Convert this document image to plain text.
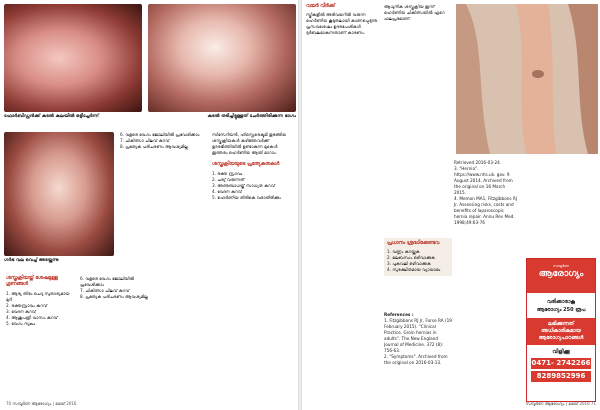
ഫോർബിഡ്ഡൻക്ക് കുടൽ കലയിൽ ഒട്ടിച്ചേർന്ന്	കുടൽ തടിച്ചിട്ടുള്ളത് ചേർത്തിരിക്കുന്ന ഭാഗം
ഗർഭ വല വെച്ച് അടയ്ക്കുന്നു
ശസ്ത്രക്രിയയ്ക്ക് ശേഷമുള്ള ഗുണങ്ങൾ
1. ആദ്യ തിരം ചെറു സുതാര്യമായ മുറി
2. രക്തസ്രാവം കുറവ്
3. വേദന കുറവ്
4. ആശുപത്രി വാസം കുറവ്
5. വേഗം സുഖം
6. വളരെ വേഗം ജോലിയിൽ പ്രവേശിക്കാം
7. ചികിത്സാ ചിലവ് കുറവ്
8. പ്രത്യേക പരിചരണം ആവശ്യമില്ല
6. വളരെ വേഗം ജോലിയിൽ പ്രവേശിക്കാം
7. ചികിത്സാ ചിലവ് കുറവ്
8. പ്രത്യേക പരിചരണം ആവശ്യമില്ല

സിസേറിയൻ, ഹിസ്റ്റെരെക്ടമി തുടങ്ങിയ ശസ്ത്രക്രിയകൾ കഴിഞ്ഞവർക്ക് ഉദരഭിത്തിയിൽ ഉണ്ടാകുന്ന മുഴകൾ ഇത്തരം ഹെർണിയ ആയി മാറാം.

ശസ്ത്രക്രിയയുടെ പ്രത്യേകതകൾ
1. രക്ത സ്രാവം
2. ചര്യ് വരുന്നത്
3. അണുബാധയ്ക്ക് സാധ്യത കുറവ്
4. വേദന കുറവ്
5. ഹെർണിയ തിരികെ വരാതിരിക്കും
70 സമ്പൂർണ ആരോഗ്യം | മെയ് 2016
വയർ വീർക്ക്

സ്ത്രീകളിൽ അടിവയറിൽ വരുന്ന ഹെർണിയ കൂടുതലായി കാണപ്പെടുന്നു. പ്രസവശേഷം ഉദരപേശികൾ ദുർബലമാകുന്നതാണ് കാരണം.

ആധുനിക ശസ്ത്രക്രിയ ഇന്ന് ഹെർണിയ ചികിത്സയിൽ ഏറെ ഫലപ്രദമാണ്.

പ്രധാനം ശ്രദ്ധിക്കേണ്ടവ
1. വണ്ണം കുറയ്ക്കുക
2. മലബന്ധം ഒഴിവാക്കുക
3. പുകവലി ഒഴിവാക്കുക
4. സുരക്ഷിതമായ വ്യായാമം
References :

1. Fitzgibbons RJ Jr, Forse RA (19 February 2015). "Clinical Practice. Groin hernias in adults". The New England Journal of Medicine. 372 (8): 756-63.

2. "Symptoms". Archived from the original on 2016-03-13.

Retrieved 2016-03-24.

3. "Hernia". https://www.nhs.uk. gov. 9 August 2014. Archived from the original on 16 March 2015.

4. Memon MA1, Fitzgibbons RJ Jr. Assessing risks, costs and benefits of laparoscopic hernia repair. Annu Rev Med. 1998;49:63-76

സമ്പൂർണ
ആരോഗ്യം
വരിക്കാരാകൂ
ആരോഗ്യം 250 രൂപ
ലഭിക്കുന്നത് അധികാരികമായ ആരോഗ്യപാഠങ്ങൾ
വിളിക്കൂ
0471- 2742266
8289852996
സമ്പൂർണ ആരോഗ്യം | മെയ് 2016 71
